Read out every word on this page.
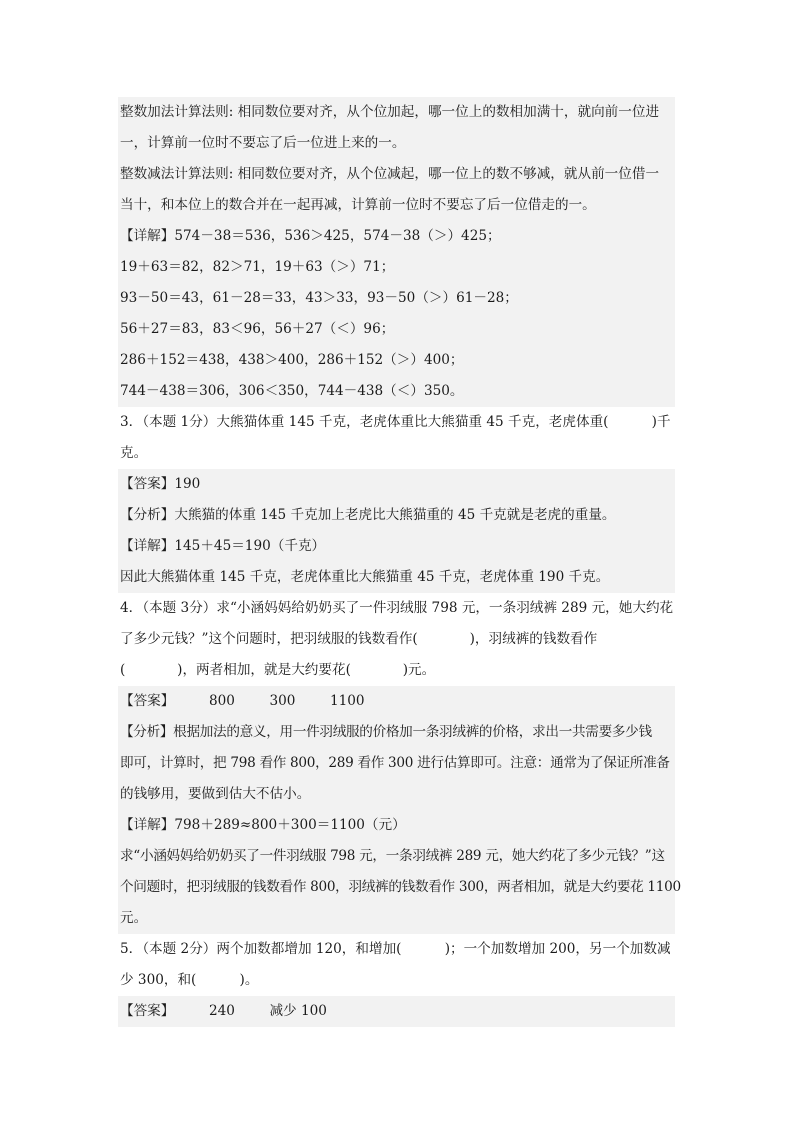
整数加法计算法则: 相同数位要对齐，从个位加起，哪一位上的数相加满十，就向前一位进
一，计算前一位时不要忘了后一位进上来的一。
整数减法计算法则: 相同数位要对齐，从个位减起，哪一位上的数不够减，就从前一位借一
当十，和本位上的数合并在一起再减，计算前一位时不要忘了后一位借走的一。
【详解】574－38＝536，536＞425，574－38（＞）425；
19＋63＝82，82＞71，19＋63（＞）71；
93－50＝43，61－28＝33，43＞33，93－50（＞）61－28；
56＋27＝83，83＜96，56＋27（＜）96；
286＋152＝438，438＞400，286＋152（＞）400；
744－438＝306，306＜350，744－438（＜）350。
3．（本题 1分）大熊猫体重 145 千克，老虎体重比大熊猫重 45 千克，老虎体重(          )千
克。
【答案】190
【分析】大熊猫的体重 145 千克加上老虎比大熊猫重的 45 千克就是老虎的重量。
【详解】145＋45＝190（千克）
因此大熊猫体重 145 千克，老虎体重比大熊猫重 45 千克，老虎体重 190 千克。
4．（本题 3分）求“小涵妈妈给奶奶买了一件羽绒服 798 元，一条羽绒裤 289 元，她大约花
了多少元钱？”这个问题时，把羽绒服的钱数看作(            )，羽绒裤的钱数看作
(            )，两者相加，就是大约要花(            )元。
【答案】        800        300        1100
【分析】根据加法的意义，用一件羽绒服的价格加一条羽绒裤的价格，求出一共需要多少钱
即可，计算时，把 798 看作 800，289 看作 300 进行估算即可。注意：通常为了保证所准备
的钱够用，要做到估大不估小。
【详解】798＋289≈800＋300＝1100（元）
求“小涵妈妈给奶奶买了一件羽绒服 798 元，一条羽绒裤 289 元，她大约花了多少元钱？”这
个问题时，把羽绒服的钱数看作 800，羽绒裤的钱数看作 300，两者相加，就是大约要花 1100
元。
5．（本题 2分）两个加数都增加 120，和增加(          )；一个加数增加 200，另一个加数减
少 300，和(          )。
【答案】        240        减少 100
